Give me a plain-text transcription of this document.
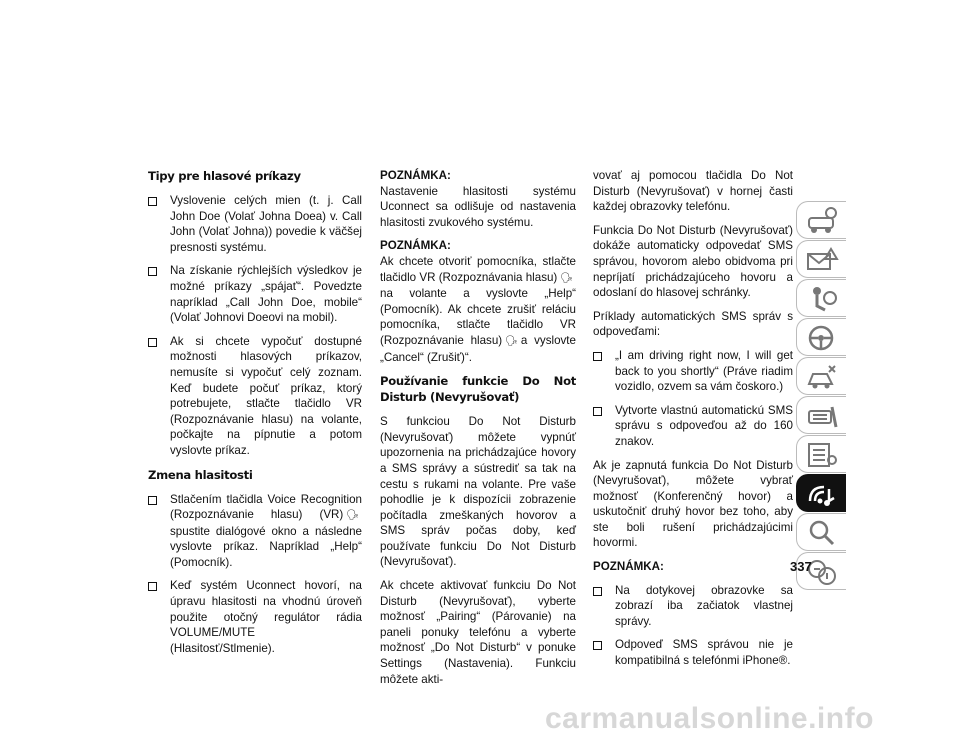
Tipy pre hlasové príkazy
Vyslovenie celých mien (t. j. Call John Doe (Volať Johna Doea) v. Call John (Volať Johna)) povedie k väčšej presnosti systému.
Na získanie rýchlejších výsledkov je možné príkazy „spájať“. Povedzte napríklad „Call John Doe, mobile“ (Volať Johnovi Doeovi na mobil).
Ak si chcete vypočuť dostupné možnosti hlasových príkazov, nemusíte si vypočuť celý zoznam. Keď budete počuť príkaz, ktorý potrebujete, stlačte tlačidlo VR (Rozpoznávanie hlasu) na volante, počkajte na pípnutie a potom vyslovte príkaz.
Zmena hlasitosti
Stlačením tlačidla Voice Recognition (Rozpoznávanie hlasu) (VR) 🗣spustite dialógové okno a následne vyslovte príkaz. Napríklad „Help“ (Pomocník).
Keď systém Uconnect hovorí, na úpravu hlasitosti na vhodnú úroveň použite otočný regulátor rádia VOLUME/MUTE (Hlasitosť/Stlmenie).

POZNÁMKA:
Nastavenie hlasitosti systému Uconnect sa odlišuje od nastavenia hlasitosti zvukového systému.

POZNÁMKA:
Ak chcete otvoriť pomocníka, stlačte tlačidlo VR (Rozpoznávania hlasu) 🗣na volante a vyslovte „Help“ (Pomocník). Ak chcete zrušiť reláciu pomocníka, stlačte tlačidlo VR (Rozpoznávanie hlasu) 🗣 a vyslovte „Cancel“ (Zrušiť)“.

Používanie funkcie Do Not Disturb (Nevyrušovať)

S funkciou Do Not Disturb (Nevyrušovať) môžete vypnúť upozornenia na prichádzajúce hovory a SMS správy a sústrediť sa tak na cestu s rukami na volante. Pre vaše pohodlie je k dispozícii zobrazenie počítadla zmeškaných hovorov a SMS správ počas doby, keď používate funkciu Do Not Disturb (Nevyrušovať).

Ak chcete aktivovať funkciu Do Not Disturb (Nevyrušovať), vyberte možnosť „Pairing“ (Párovanie) na paneli ponuky telefónu a vyberte možnosť „Do Not Disturb“ v ponuke Settings (Nastavenia). Funkciu môžete akti-

vovať aj pomocou tlačidla Do Not Disturb (Nevyrušovať) v hornej časti každej obrazovky telefónu.

Funkcia Do Not Disturb (Nevyrušovať) dokáže automaticky odpovedať SMS správou, hovorom alebo obidvoma pri nepríjatí prichádzajúceho hovoru a odoslaní do hlasovej schránky.

Príklady automatických SMS správ s odpoveďami:

„I am driving right now, I will get back to you shortly“ (Práve riadim vozidlo, ozvem sa vám čoskoro.)
Vytvorte vlastnú automatickú SMS správu s odpoveďou až do 160 znakov.

Ak je zapnutá funkcia Do Not Disturb (Nevyrušovať), môžete vybrať možnosť (Konferenčný hovor) a uskutočniť druhý hovor bez toho, aby ste boli rušení prichádzajúcimi hovormi.

POZNÁMKA:

Na dotykovej obrazovke sa zobrazí iba začiatok vlastnej správy.
Odpoveď SMS správou nie je kompatibilná s telefónmi iPhone®.
337
carmanualsonline.info
